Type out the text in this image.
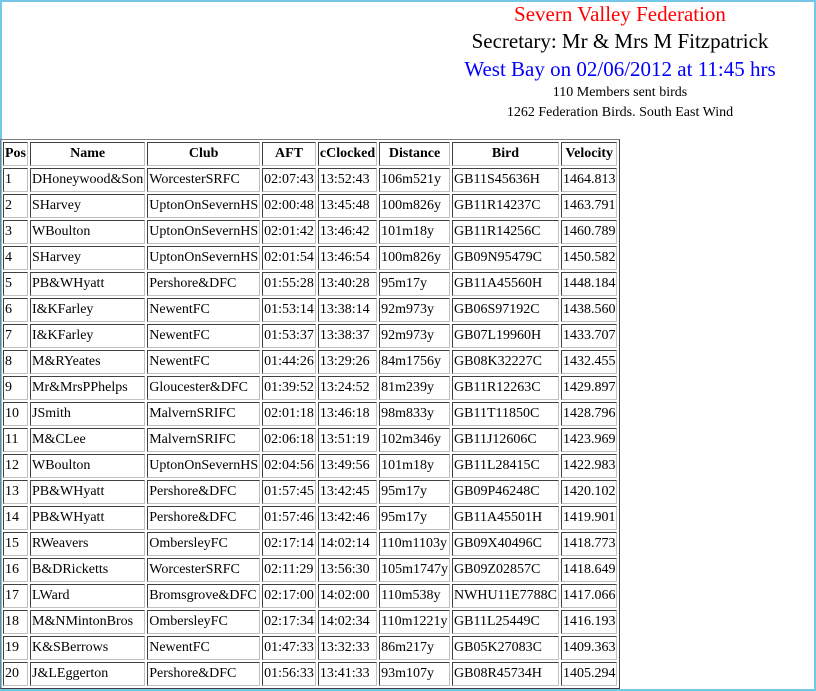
Severn Valley Federation
Secretary: Mr & Mrs M Fitzpatrick
West Bay on 02/06/2012 at 11:45 hrs
110 Members sent birds
1262 Federation Birds. South East Wind
Pos	Name	Club	AFT	cClocked	Distance	Bird	Velocity
1	DHoneywood&Son	WorcesterSRFC	02:07:43	13:52:43	106m521y	GB11S45636H	1464.813
2	SHarvey	UptonOnSevernHS	02:00:48	13:45:48	100m826y	GB11R14237C	1463.791
3	WBoulton	UptonOnSevernHS	02:01:42	13:46:42	101m18y	GB11R14256C	1460.789
4	SHarvey	UptonOnSevernHS	02:01:54	13:46:54	100m826y	GB09N95479C	1450.582
5	PB&WHyatt	Pershore&DFC	01:55:28	13:40:28	95m17y	GB11A45560H	1448.184
6	I&KFarley	NewentFC	01:53:14	13:38:14	92m973y	GB06S97192C	1438.560
7	I&KFarley	NewentFC	01:53:37	13:38:37	92m973y	GB07L19960H	1433.707
8	M&RYeates	NewentFC	01:44:26	13:29:26	84m1756y	GB08K32227C	1432.455
9	Mr&MrsPPhelps	Gloucester&DFC	01:39:52	13:24:52	81m239y	GB11R12263C	1429.897
10	JSmith	MalvernSRIFC	02:01:18	13:46:18	98m833y	GB11T11850C	1428.796
11	M&CLee	MalvernSRIFC	02:06:18	13:51:19	102m346y	GB11J12606C	1423.969
12	WBoulton	UptonOnSevernHS	02:04:56	13:49:56	101m18y	GB11L28415C	1422.983
13	PB&WHyatt	Pershore&DFC	01:57:45	13:42:45	95m17y	GB09P46248C	1420.102
14	PB&WHyatt	Pershore&DFC	01:57:46	13:42:46	95m17y	GB11A45501H	1419.901
15	RWeavers	OmbersleyFC	02:17:14	14:02:14	110m1103y	GB09X40496C	1418.773
16	B&DRicketts	WorcesterSRFC	02:11:29	13:56:30	105m1747y	GB09Z02857C	1418.649
17	LWard	Bromsgrove&DFC	02:17:00	14:02:00	110m538y	NWHU11E7788C	1417.066
18	M&NMintonBros	OmbersleyFC	02:17:34	14:02:34	110m1221y	GB11L25449C	1416.193
19	K&SBerrows	NewentFC	01:47:33	13:32:33	86m217y	GB05K27083C	1409.363
20	J&LEggerton	Pershore&DFC	01:56:33	13:41:33	93m107y	GB08R45734H	1405.294
